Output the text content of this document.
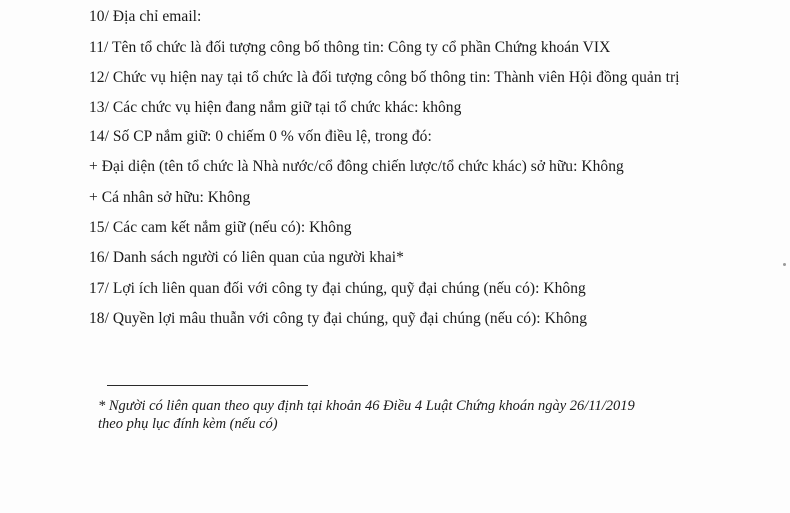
10/ Địa chỉ email:
11/ Tên tổ chức là đối tượng công bố thông tin: Công ty cổ phần Chứng khoán VIX
12/ Chức vụ hiện nay tại tổ chức là đối tượng công bố thông tin: Thành viên Hội đồng quản trị
13/ Các chức vụ hiện đang nắm giữ tại tổ chức khác: không
14/ Số CP nắm giữ: 0 chiếm 0 % vốn điều lệ, trong đó:
+ Đại diện (tên tổ chức là Nhà nước/cổ đông chiến lược/tổ chức khác) sở hữu: Không
+ Cá nhân sở hữu: Không
15/ Các cam kết nắm giữ (nếu có): Không
16/ Danh sách người có liên quan của người khai*
17/ Lợi ích liên quan đối với công ty đại chúng, quỹ đại chúng (nếu có): Không
18/ Quyền lợi mâu thuẫn với công ty đại chúng, quỹ đại chúng (nếu có): Không
* Người có liên quan theo quy định tại khoản 46 Điều 4 Luật Chứng khoán ngày 26/11/2019
theo phụ lục đính kèm (nếu có)
